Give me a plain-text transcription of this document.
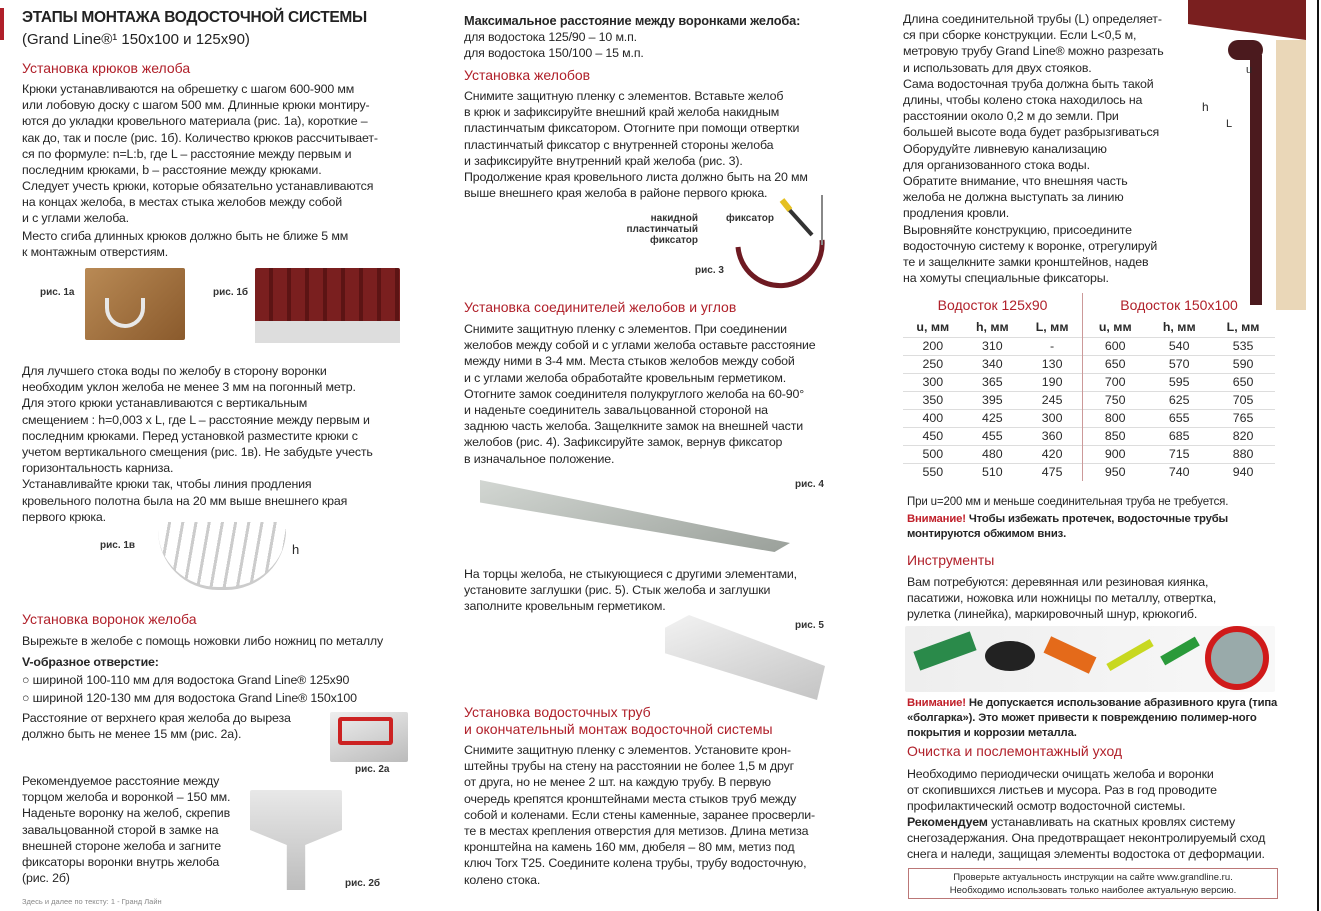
ЭТАПЫ МОНТАЖА ВОДОСТОЧНОЙ СИСТЕМЫ
(Grand Line®¹ 150x100 и 125x90)
Установка крюков желоба
Крюки устанавливаются на обрешетку с шагом 600-900 мм
или лобовую доску с шагом 500 мм. Длинные крюки монтиру-
ются до укладки кровельного материала (рис. 1а), короткие –
как до, так и после (рис. 1б). Количество крюков рассчитывает-
ся по формуле: n=L:b, где L – расстояние между первым и
последним крюками, b – расстояние между крюками.
Следует учесть крюки, которые обязательно устанавливаются
на концах желоба, в местах стыка желобов между собой
и с углами желоба.
Место сгиба длинных крюков должно быть не ближе 5 мм
к монтажным отверстиям.
рис. 1а	рис. 1б
Для лучшего стока воды по желобу в сторону воронки
необходим уклон желоба не менее 3 мм на погонный метр.
Для этого крюки устанавливаются с вертикальным
смещением : h=0,003 х L, где L – расстояние между первым и
последним крюками. Перед установкой разместите крюки с
учетом вертикального смещения (рис. 1в). Не забудьте учесть
горизонтальность карниза.
Устанавливайте крюки так, чтобы линия продления
кровельного полотна была на 20 мм выше внешнего края
первого крюка.
рис. 1в	h
Установка воронок желоба
Вырежьте в желобе с помощь ножовки либо ножниц по металлу
V-образное отверстие:
○ ширинoй 100-110 мм для водостока Grand Line® 125x90
○ шириной 120-130 мм для водостока Grand Line® 150x100
Расстояние от верхнего края желоба до выреза
должно быть не менее 15 мм (рис. 2а).
рис. 2а
Рекомендуемое расстояние между
торцом желоба и воронкой – 150 мм.
Наденьте воронку на желоб, скрепив
завальцованной сторой в замке на
внешней стороне желоба и загните
фиксаторы воронки внутрь желоба
(рис. 2б)	рис. 2б
Здесь и далее по тексту: 1 - Гранд Лайн
Максимальное расстояние между воронками желоба:
для водостока 125/90 – 10 м.п.
для водостока 150/100 – 15 м.п.
Установка желобов
Снимите защитную пленку с элементов. Вставьте желоб
в крюк и зафиксируйте внешний край желоба накидным
пластинчатым фиксатором. Отогните при помощи отвертки
пластинчатый фиксатор с внутренней стороны желоба
и зафиксируйте внутренний край желоба (рис. 3).
Продолжение края кровельного листа должно быть на 20 мм
выше внешнего края желоба в районе первого крюка.
накидной
пластинчатый
фиксатор
фиксатор
рис. 3
Установка соединителей желобов и углов
Снимите защитную пленку с элементов. При соединении
желобов между собой и с углами желоба оставьте расстояние
между ними в 3-4 мм. Места стыков желобов между собой
и с углами желоба обработайте кровельным герметиком.
Отогните замок соединителя полукруглого желоба на 60-90°
и наденьте соединитель завальцованной стороной на
заднюю часть желоба. Защелкните замок на внешней части
желобов (рис. 4). Зафиксируйте замок, вернув фиксатор
в изначальное положение.
рис. 4
На торцы желоба, не стыкующиеся с другими элементами,
установите заглушки (рис. 5). Стык желоба и заглушки
заполните кровельным герметиком.
рис. 5
Установка водосточных труб
и окончательный монтаж водосточной системы
Снимите защитную пленку с элементов. Установите крон-
штейны трубы на стену на расстоянии не более 1,5 м друг
от друга, но не менее 2 шт. на каждую трубу. В первую
очередь крепятся кронштейнами места стыков труб между
собой и коленами. Если стены каменные, заранее просверли-
те в местах крепления отверстия для метизов. Длина метиза
кронштейна на камень 160 мм, дюбеля – 80 мм, метиз под
ключ Torx T25. Соедините колена трубы, трубу водосточную,
колено стока.
Длина соединительной трубы (L) определяет-
ся при сборке конструкции. Если L<0,5 м,
метровую трубу Grand Line® можно разрезать
и использовать для двух стояков.
Сама водосточная труба должна быть такой
длины, чтобы колено стока находилось на
расстоянии около 0,2 м до земли. При
большей высоте вода будет разбрызгиваться
Оборудуйте ливневую канализацию
для организованного стока воды.
Обратите внимание, что внешняя часть
желоба не должна выступать за линию
продления кровли.
Выровняйте конструкцию, присоедините
водосточную систему к воронке, отрегулируй
те и защелкните замки кронштейнов, надев
на хомуты специальные фиксаторы.
u
h
L
Водосток 125х90			Водосток 150х100		
u, мм	h, мм	L, мм	u, мм	h, мм	L, мм
200	310	-	600	540	535
250	340	130	650	570	590
300	365	190	700	595	650
350	395	245	750	625	705
400	425	300	800	655	765
450	455	360	850	685	820
500	480	420	900	715	880
550	510	475	950	740	940
При u=200 мм и меньше соединительная труба не требуется.
Внимание! Чтобы избежать протечек, водосточные трубы монтируются обжимом вниз.
Инструменты
Вам потребуются: деревянная или резиновая киянка,
пасатижи, ножовка или ножницы по металлу, отвертка,
рулетка (линейка), маркировочный шнур, крюкогиб.
Внимание! Не допускается использование абразивного круга (типа «болгарка»). Это может привести к повреждению полимер-ного покрытия и коррозии металла.
Очистка и послемонтажный уход
Необходимо периодически очищать желоба и воронки
от скопившихся листьев и мусора. Раз в год проводите
профилактический осмотр водосточной системы.
Рекомендуем устанавливать на скатных кровлях систему
снегозадержания. Она предотвращает неконтролируемый сход
снега и наледи, защищая элементы водостока от деформации.
Проверьте актуальность инструкции на сайте www.grandline.ru.
Необходимо использовать только наиболее актуальную версию.
